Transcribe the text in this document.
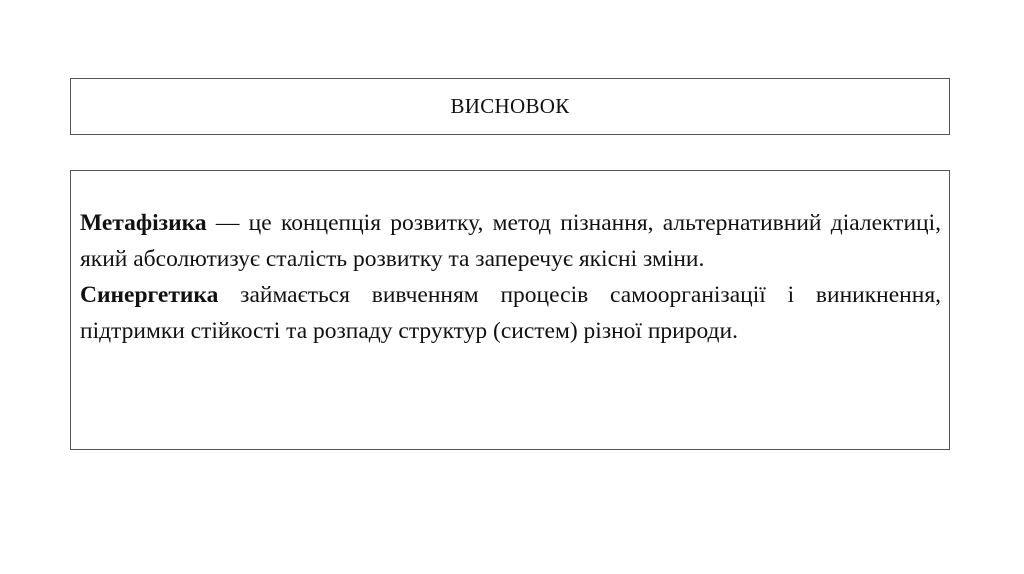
ВИСНОВОК

Метафізика — це концепція розвитку, метод пізнання, альтернативний діалектиці, який абсолютизує сталість розвитку та заперечує якісні зміни.

Синергетика займається вивченням процесів самоорганізації і виникнення, підтримки стійкості та розпаду структур (систем) різної природи.
